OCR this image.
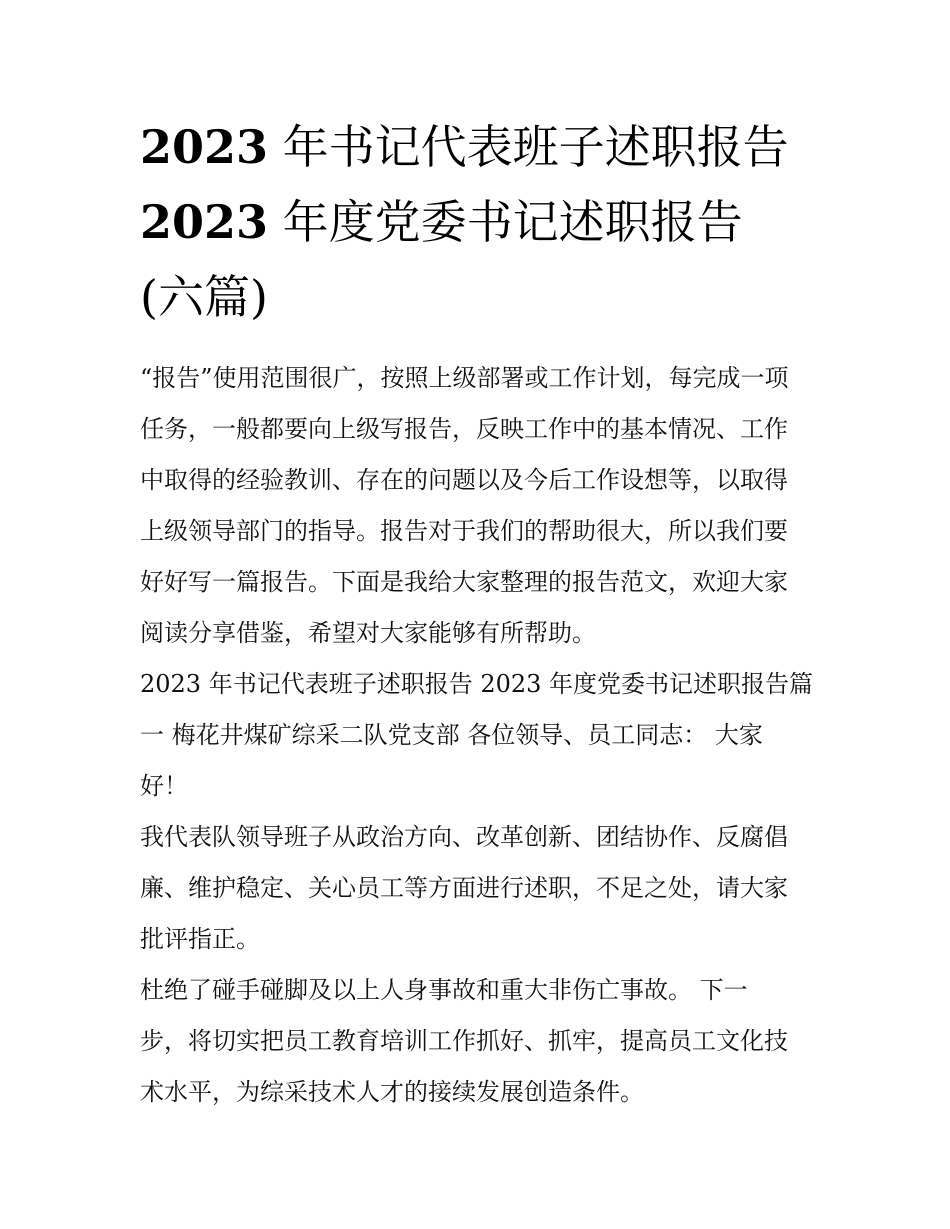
2023 年书记代表班子述职报告
2023 年度党委书记述职报告
(六篇)
“报告”使用范围很广，按照上级部署或工作计划，每完成一项
任务，一般都要向上级写报告，反映工作中的基本情况、工作
中取得的经验教训、存在的问题以及今后工作设想等，以取得
上级领导部门的指导。报告对于我们的帮助很大，所以我们要
好好写一篇报告。下面是我给大家整理的报告范文，欢迎大家
阅读分享借鉴，希望对大家能够有所帮助。
2023 年书记代表班子述职报告 2023 年度党委书记述职报告篇
一 梅花井煤矿综采二队党支部 各位领导、员工同志： 大家
好！
我代表队领导班子从政治方向、改革创新、团结协作、反腐倡
廉、维护稳定、关心员工等方面进行述职，不足之处，请大家
批评指正。
杜绝了碰手碰脚及以上人身事故和重大非伤亡事故。 下一
步，将切实把员工教育培训工作抓好、抓牢，提高员工文化技
术水平，为综采技术人才的接续发展创造条件。
